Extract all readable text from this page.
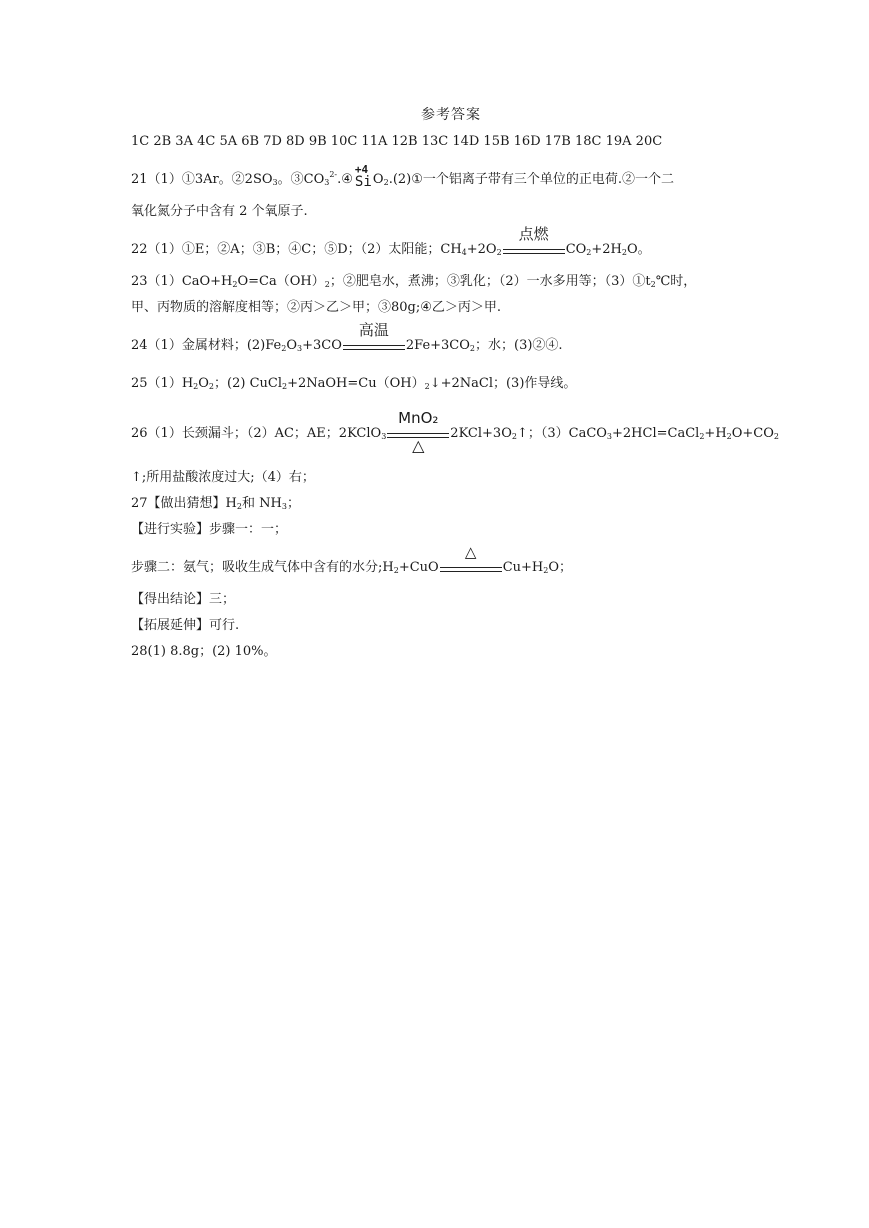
参考答案

1C 2B 3A 4C 5A 6B 7D 8D 9B 10C 11A 12B 13C 14D 15B 16D 17B 18C 19A 20C

21（1）①3Ar。$②2SO_3$。$③CO_3^{2-}.④$
+4
Si $O_2.(2)①$一个铝离子带有三个单位的正电荷.②一个二

氧化氮分子中含有 2 个氧原子.

22（1）①E；②A；③B；④C；⑤D；（2）太阳能；$CH_4+2O_2$
点燃
$CO_2+2H_2O$。

$23(1)CaO+H_2O=Ca(OH)_2$；②肥皂水，煮沸；③乳化；（2）一水多用等；$(3)①t_2℃$时，

甲、丙物质的溶解度相等；②丙＞乙＞甲；③80g;④乙＞丙＞甲.

24（1）金属材料；$(2)Fe_2O_3+3CO$
高温
$2Fe+3CO_2$；水；(3)②④.

$25(1)H_2O_2$；(2) $CuCl_2+2NaOH=Cu(OH)_2↓+2NaCl$；(3)作导线。

26（1）长颈漏斗；（2）AC；AE；2KClO$_3$
MnO₂
△
$2KCl+3O_2↑$；$(3)CaCO_3+2HCl=CaCl_2+H_2O+CO_2$

↑;所用盐酸浓度过大;（4）右；

27【做出猜想】$H_2$和 $NH_3$；

【进行实验】步骤一：一；

步骤二：氨气；吸收生成气体中含有的水分$;H_2+CuO$
△
$Cu+H_2O$；

【得出结论】三；

【拓展延伸】可行.

28(1) 8.8g；(2) 10%。
